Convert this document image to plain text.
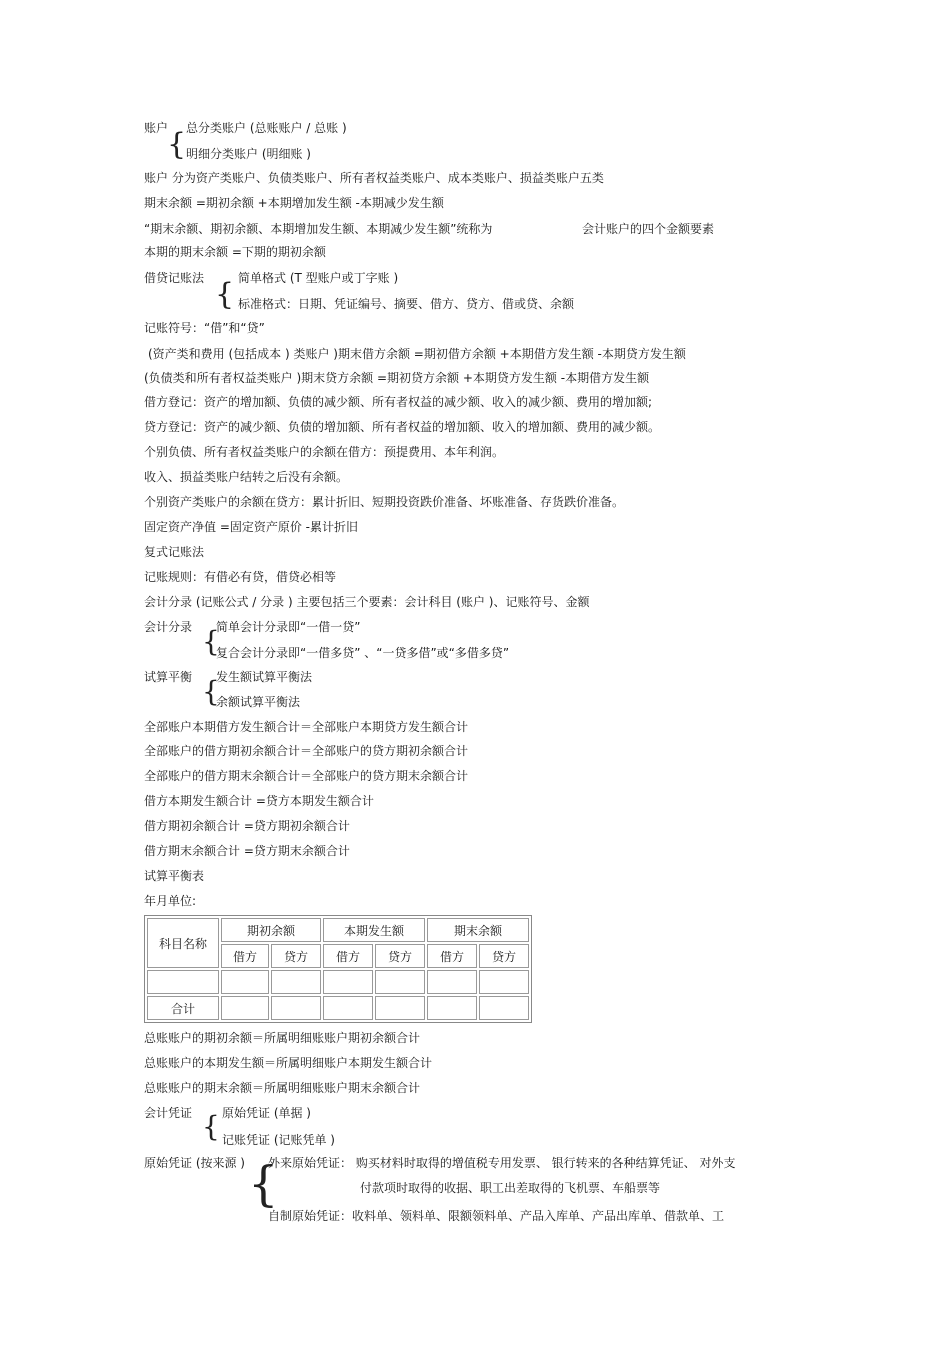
账户 总分类账户 (总账账户 / 总账 )
{ 明细分类账户 (明细账 )
账户 分为资产类账户、负债类账户、所有者权益类账户、成本类账户、损益类账户五类
期末余额 =期初余额 +本期增加发生额 -本期减少发生额
“期末余额、期初余额、本期增加发生额、本期减少发生额”统称为	会计账户的四个金额要素
本期的期末余额 =下期的期初余额
借贷记账法	简单格式 (T 型账户或丁字账 )
{ 标准格式：日期、凭证编号、摘要、借方、贷方、借或贷、余额
记账符号：“借”和“贷”
(资产类和费用 (包括成本 ) 类账户 )期末借方余额 =期初借方余额 +本期借方发生额 -本期贷方发生额
(负债类和所有者权益类账户 )期末贷方余额 =期初贷方余额 +本期贷方发生额 -本期借方发生额
借方登记：资产的增加额、负债的减少额、所有者权益的减少额、收入的减少额、费用的增加额;
贷方登记：资产的减少额、负债的增加额、所有者权益的增加额、收入的增加额、费用的减少额。
个别负债、所有者权益类账户的余额在借方：预提费用、本年利润。
收入、损益类账户结转之后没有余额。
个别资产类账户的余额在贷方：累计折旧、短期投资跌价准备、坏账准备、存货跌价准备。
固定资产净值 =固定资产原价 -累计折旧
复式记账法
记账规则：有借必有贷，借贷必相等
会计分录 (记账公式 / 分录 ) 主要包括三个要素：会计科目 (账户 )、记账符号、金额
会计分录 {
简单会计分录即“一借一贷”
复合会计分录即“一借多贷” 、“一贷多借”或“多借多贷”
试算平衡 {
发生额试算平衡法
余额试算平衡法
全部账户本期借方发生额合计＝全部账户本期贷方发生额合计
全部账户的借方期初余额合计＝全部账户的贷方期初余额合计
全部账户的借方期末余额合计＝全部账户的贷方期末余额合计
借方本期发生额合计 =贷方本期发生额合计
借方期初余额合计 =贷方期初余额合计
借方期末余额合计 =贷方期末余额合计
试算平衡表
年月单位:
科目名称	期初余额		本期发生额		期末余额	
	借方	贷方	借方	贷方	借方	贷方

合计						
总账账户的期初余额＝所属明细账账户期初余额合计
总账账户的本期发生额＝所属明细账户本期发生额合计
总账账户的期末余额＝所属明细账账户期末余额合计
会计凭证 { 原始凭证 (单据 )
记账凭证 (记账凭单 )
原始凭证 (按来源 ) {
外来原始凭证： 购买材料时取得的增值税专用发票、 银行转来的各种结算凭证、 对外支
付款项时取得的收据、职工出差取得的飞机票、车船票等
自制原始凭证：收料单、领料单、限额领料单、产品入库单、产品出库单、借款单、工
